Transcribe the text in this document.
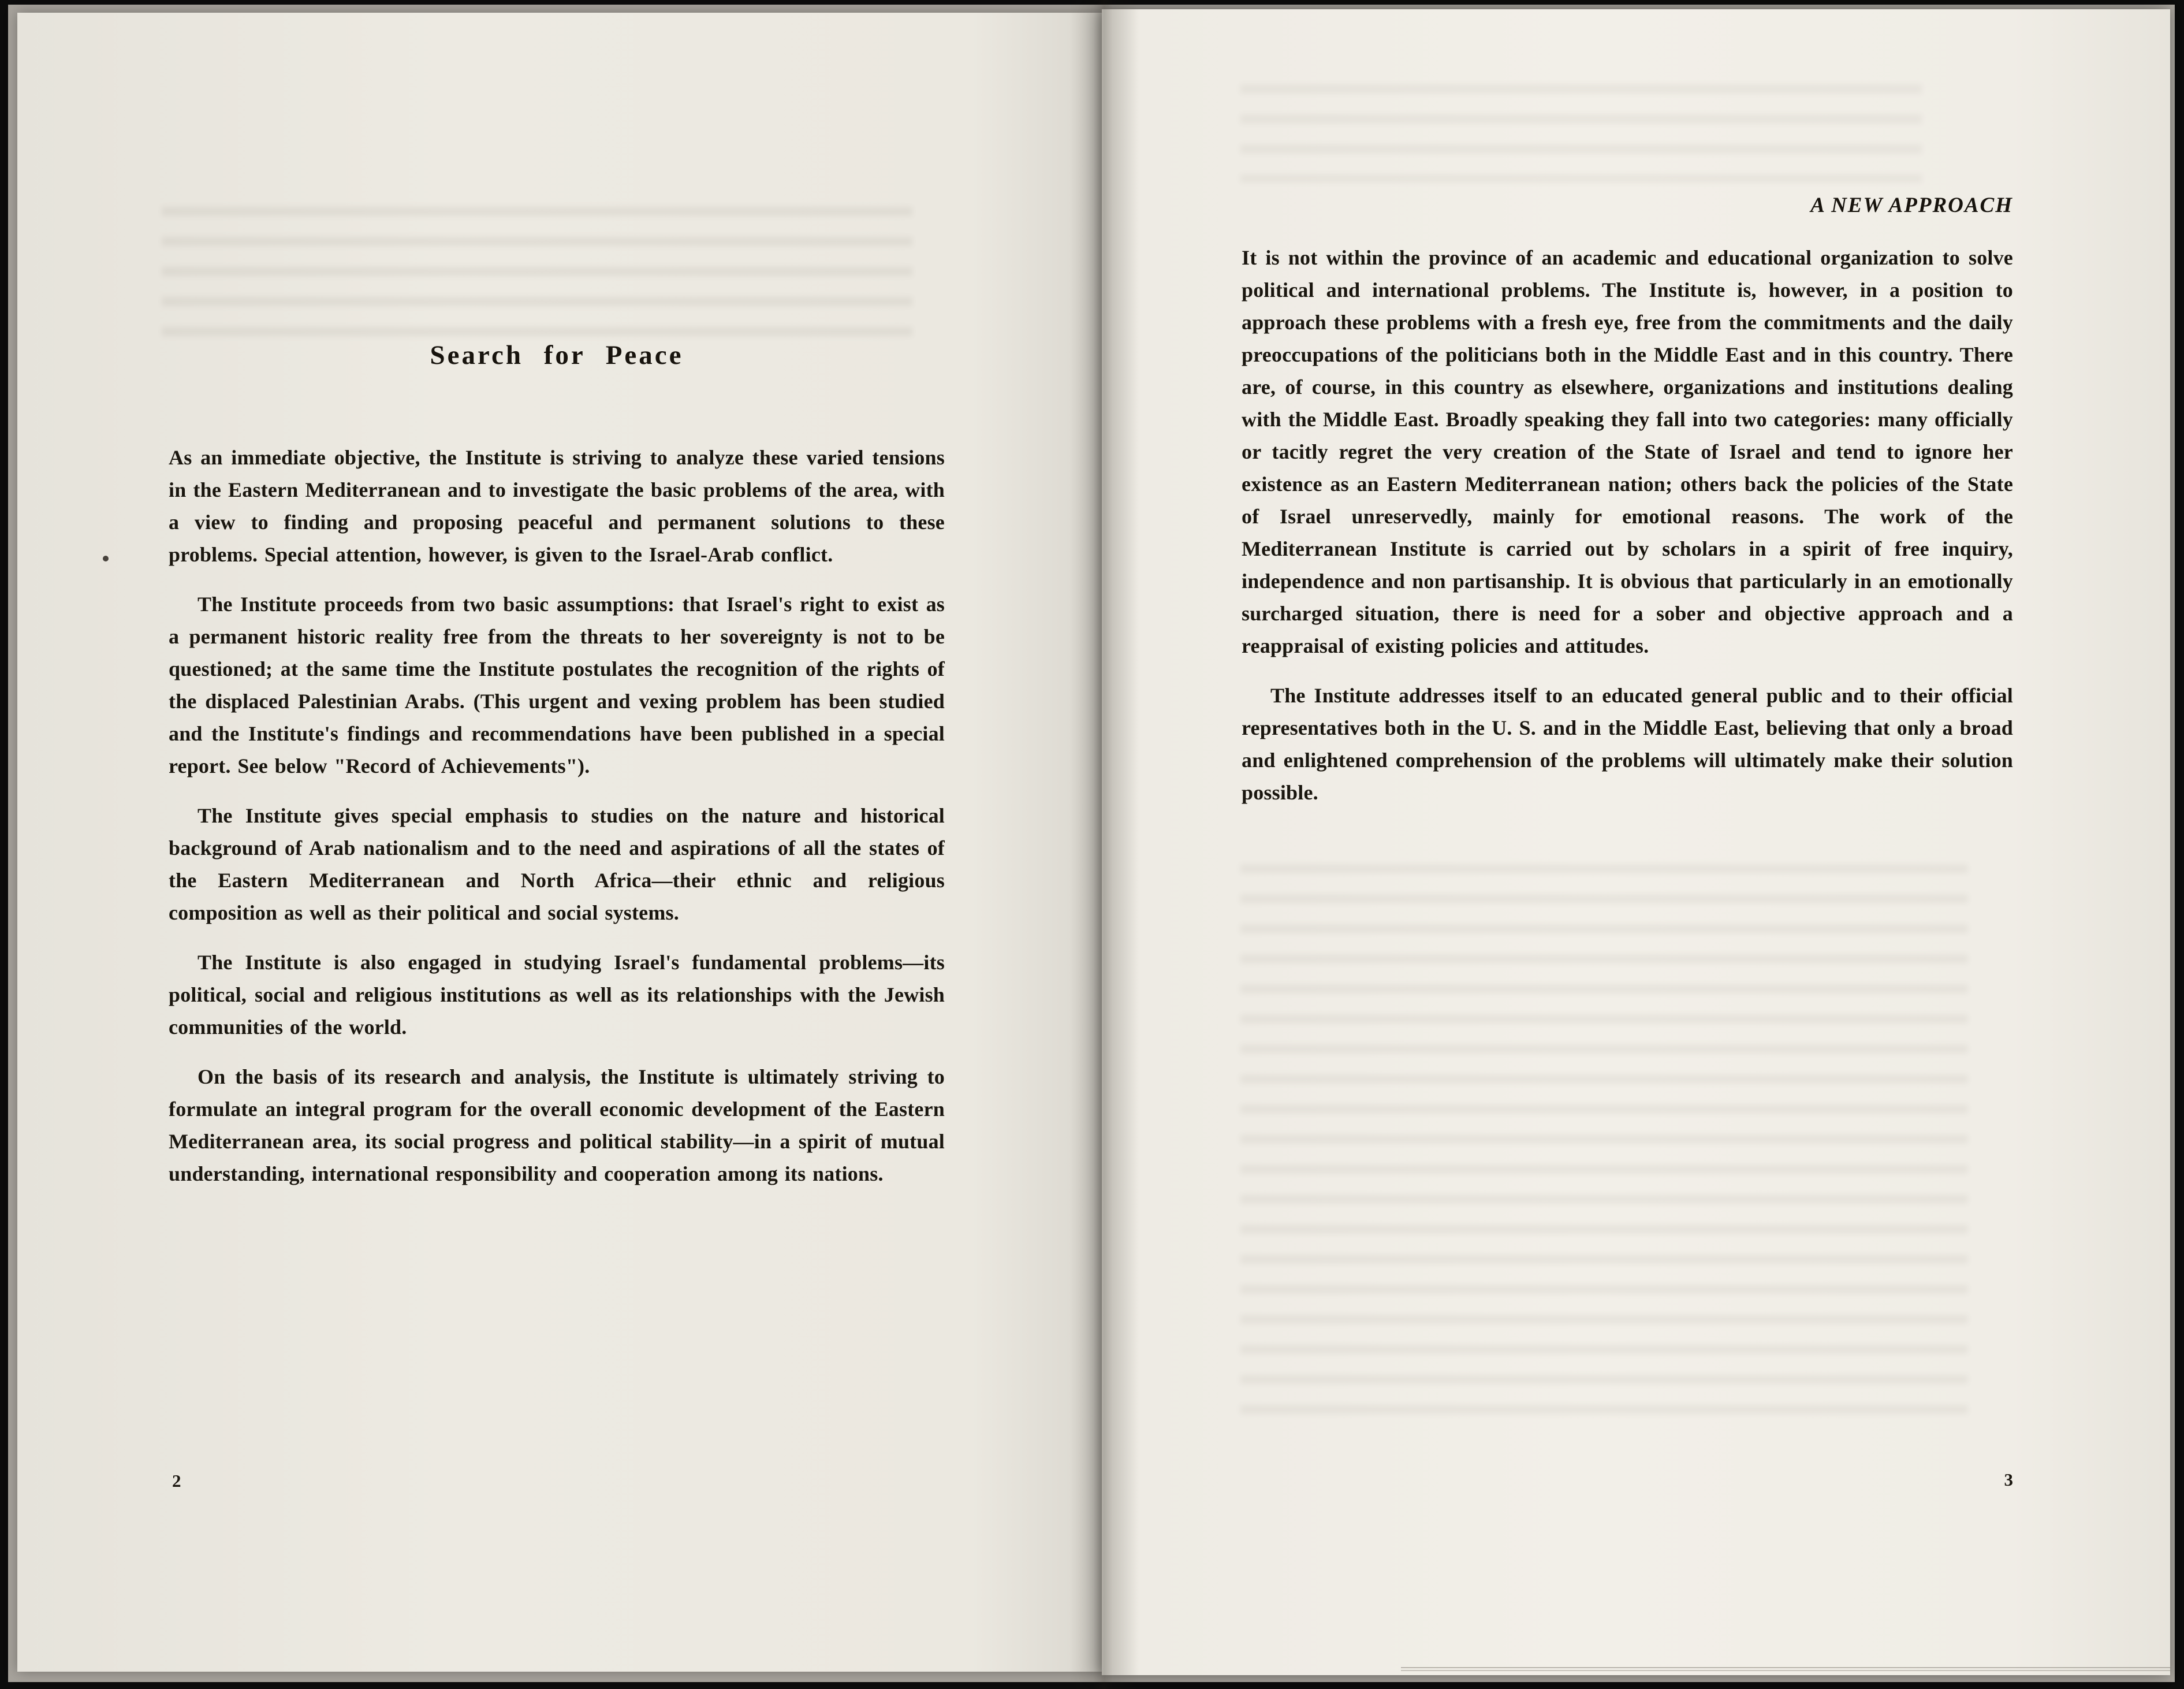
Search for Peace

As an immediate objective, the Institute is striving to analyze these varied tensions in the Eastern Mediterranean and to investigate the basic problems of the area, with a view to finding and proposing peaceful and permanent solutions to these problems. Special attention, however, is given to the Israel-Arab conflict.

The Institute proceeds from two basic assumptions: that Israel's right to exist as a permanent historic reality free from the threats to her sovereignty is not to be questioned; at the same time the Institute postulates the recognition of the rights of the displaced Palestinian Arabs. (This urgent and vexing problem has been studied and the Institute's findings and recommendations have been published in a special report. See below "Record of Achievements").

The Institute gives special emphasis to studies on the nature and historical background of Arab nationalism and to the need and aspirations of all the states of the Eastern Mediterranean and North Africa—their ethnic and religious composition as well as their political and social systems.

The Institute is also engaged in studying Israel's fundamental problems—its political, social and religious institutions as well as its relationships with the Jewish communities of the world.

On the basis of its research and analysis, the Institute is ultimately striving to formulate an integral program for the overall economic development of the Eastern Mediterranean area, its social progress and political stability—in a spirit of mutual understanding, international responsibility and cooperation among its nations.

2
A NEW APPROACH

It is not within the province of an academic and educational organization to solve political and international problems. The Institute is, however, in a position to approach these problems with a fresh eye, free from the commitments and the daily preoccupations of the politicians both in the Middle East and in this country. There are, of course, in this country as elsewhere, organizations and institutions dealing with the Middle East. Broadly speaking they fall into two categories: many officially or tacitly regret the very creation of the State of Israel and tend to ignore her existence as an Eastern Mediterranean nation; others back the policies of the State of Israel unreservedly, mainly for emotional reasons. The work of the Mediterranean Institute is carried out by scholars in a spirit of free inquiry, independence and non partisanship. It is obvious that particularly in an emotionally surcharged situation, there is need for a sober and objective approach and a reappraisal of existing policies and attitudes.

The Institute addresses itself to an educated general public and to their official representatives both in the U. S. and in the Middle East, believing that only a broad and enlightened comprehension of the problems will ultimately make their solution possible.

3
